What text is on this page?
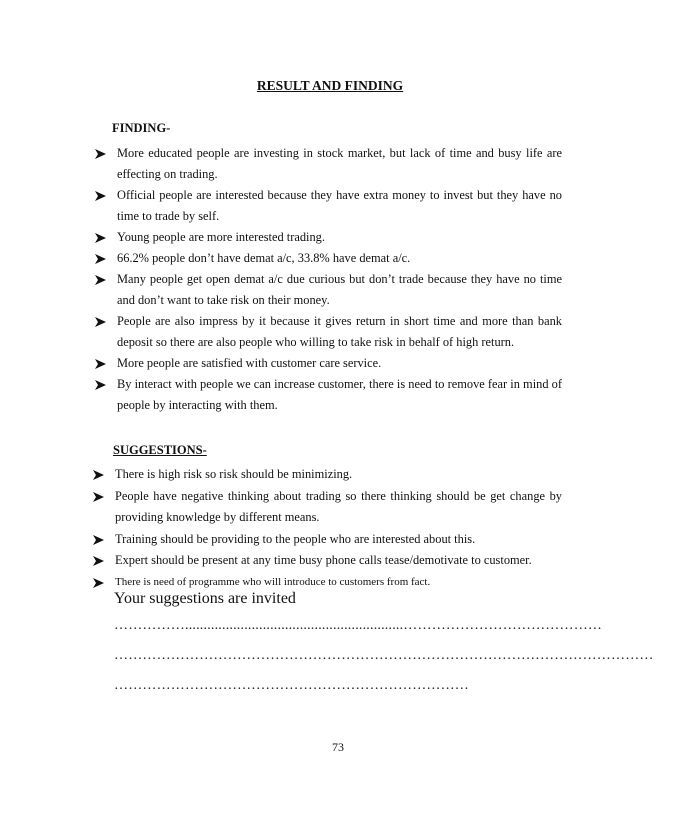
RESULT AND FINDING
FINDING-
More educated people are investing in stock market, but lack of time and busy life are effecting on trading.
Official people are interested because they have extra money to invest but they have no time to trade by self.
Young people are more interested trading.
66.2% people don’t have demat a/c, 33.8% have demat a/c.
Many people get open demat a/c due curious but don’t trade because they have no time and don’t want to take risk on their money.
People are also impress by it because it gives return in short time and more than bank deposit so there are also people who willing to take risk in behalf of high return.
More people are satisfied with customer care service.
By interact with people we can increase customer, there is need to remove fear in mind of people by interacting with them.
SUGGESTIONS-
There is high risk so risk should be minimizing.
People have negative thinking about trading so there thinking should be get change by providing knowledge by different means.
Training should be providing to the people who are interested about this.
Expert should be present at any time busy phone calls tease/demotivate to customer.
There is need of programme who will introduce to customers from fact.
Your suggestions are invited
……………...........................................................……………………………………
……………………………………………………………………………………………………
…………………………………………………………………
73
